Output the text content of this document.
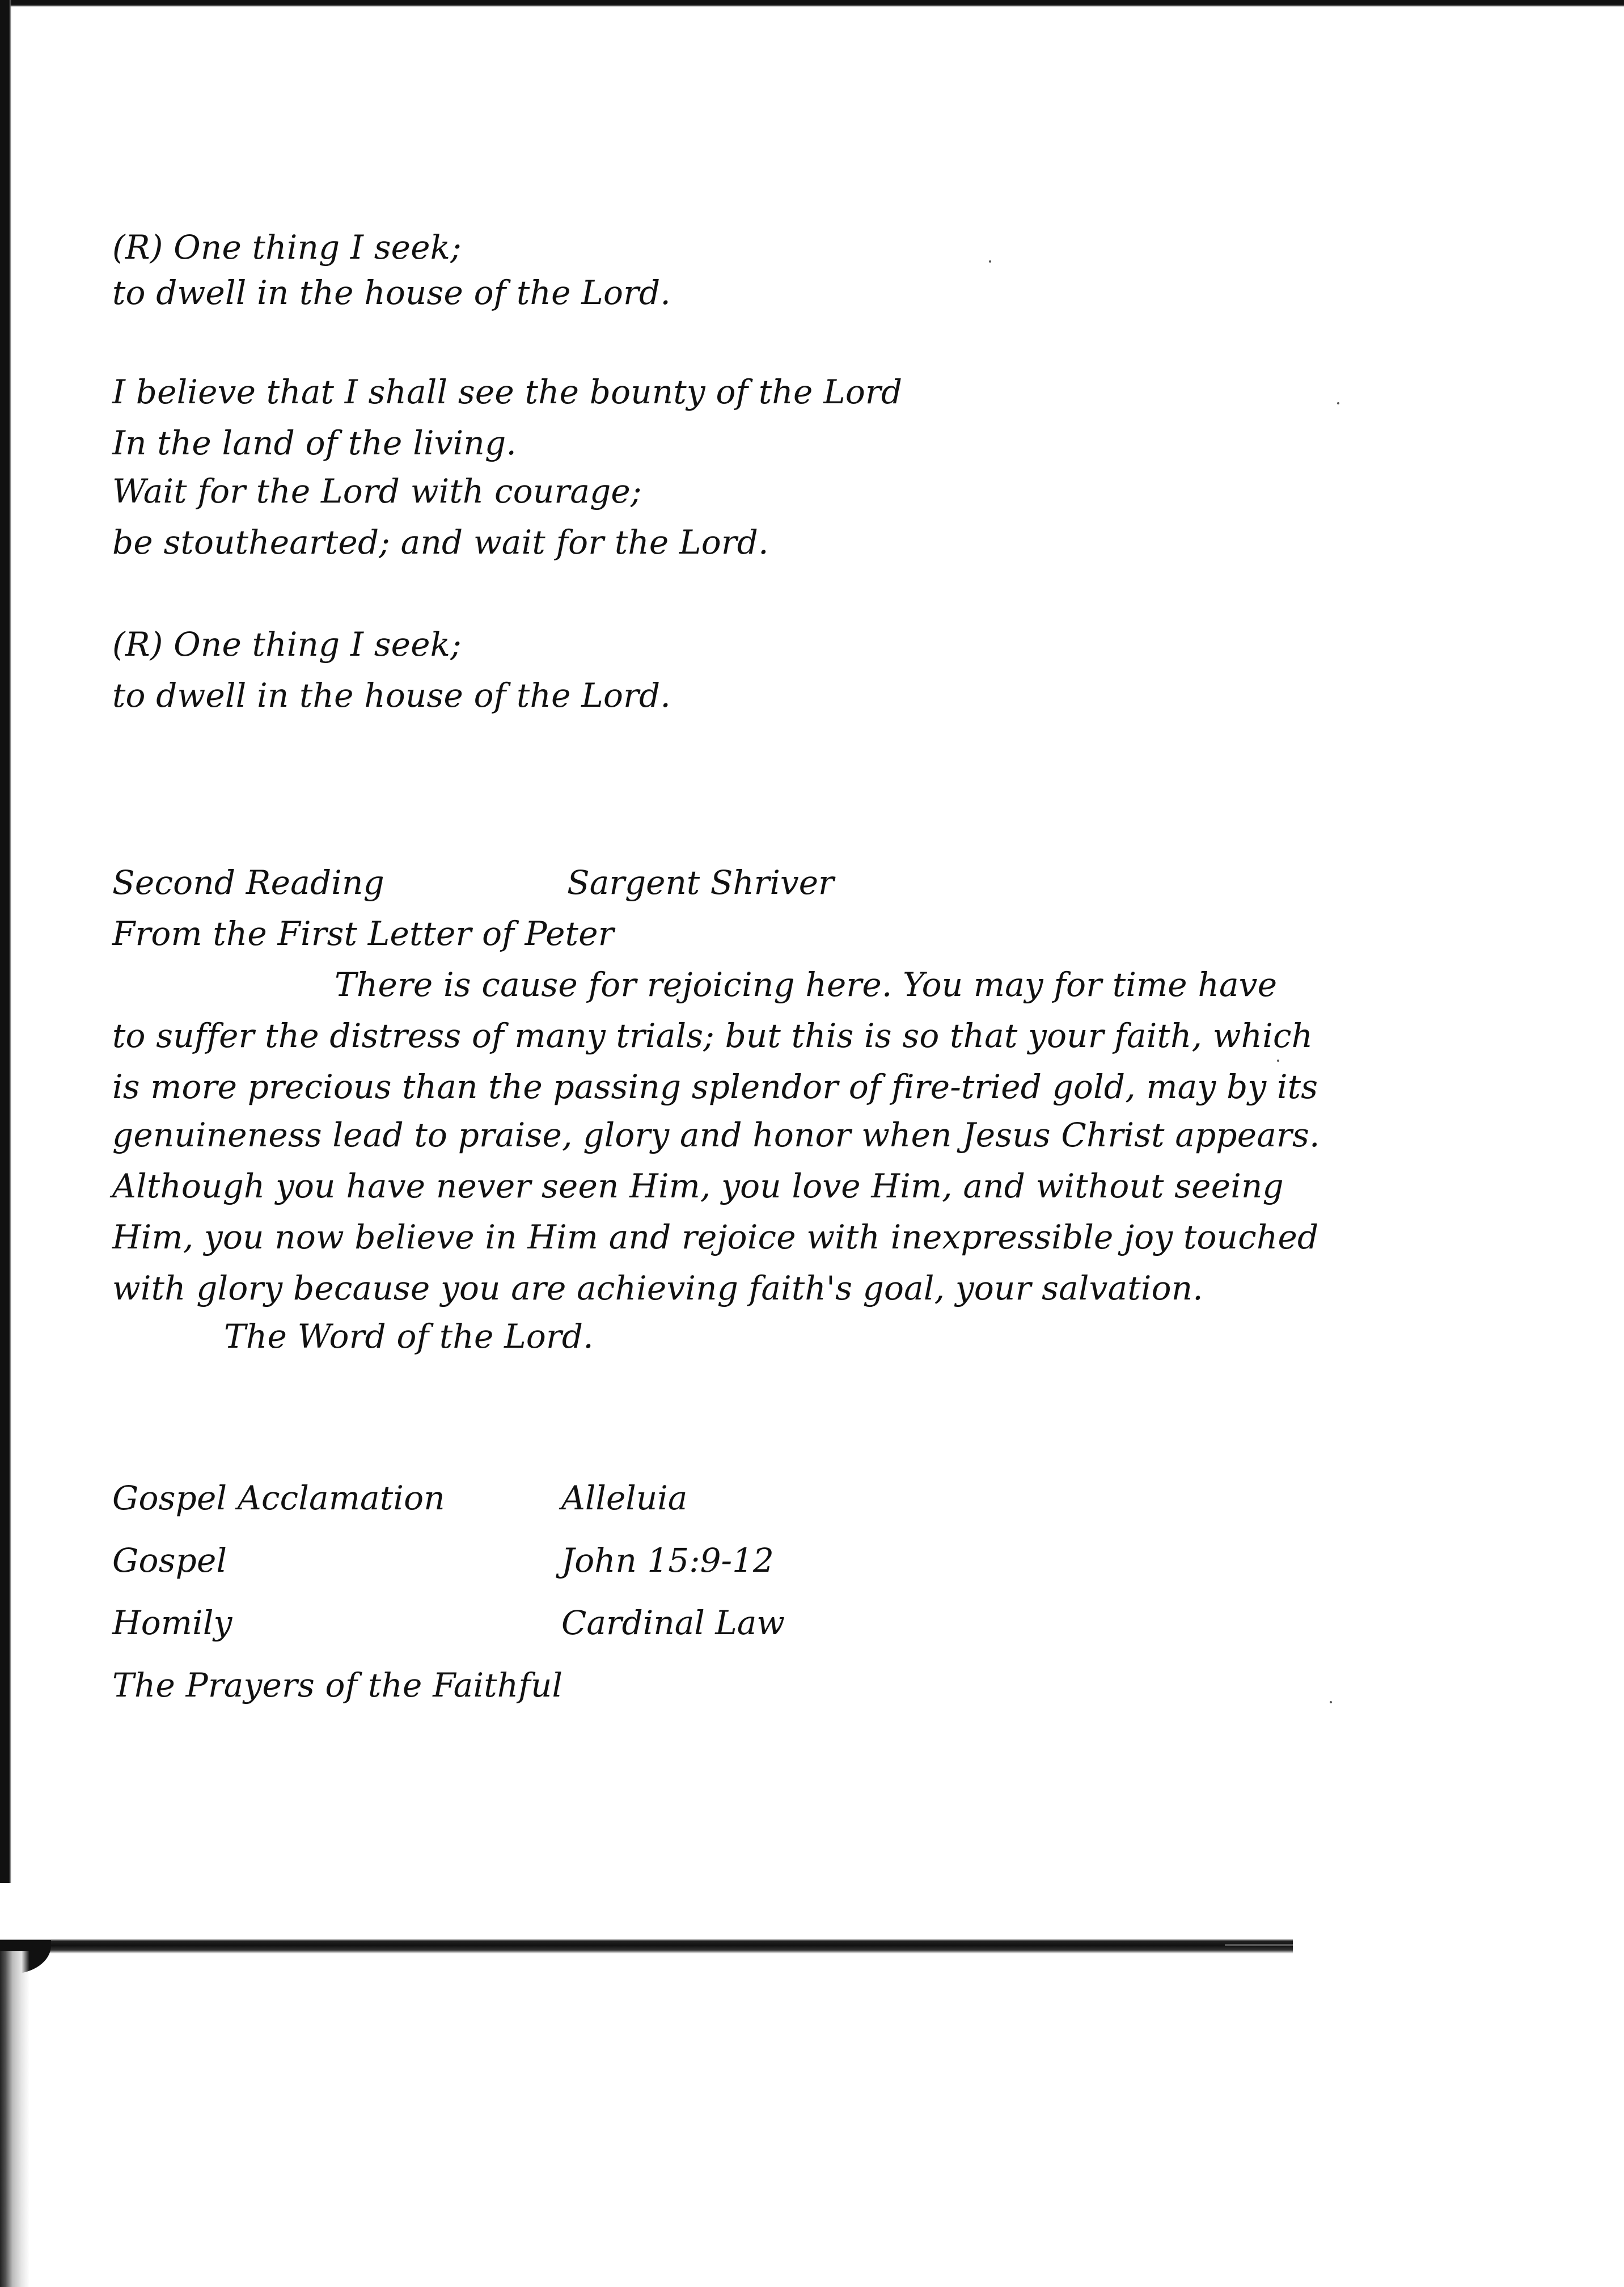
(R) One thing I seek;
to dwell in the house of the Lord.
I believe that I shall see the bounty of the Lord
In the land of the living.
Wait for the Lord with courage;
be stouthearted; and wait for the Lord.
(R) One thing I seek;
to dwell in the house of the Lord.
Second Reading	Sargent Shriver
From the First Letter of Peter
There is cause for rejoicing here. You may for time have
to suffer the distress of many trials; but this is so that your faith, which
is more precious than the passing splendor of fire-tried gold, may by its
genuineness lead to praise, glory and honor when Jesus Christ appears.
Although you have never seen Him, you love Him, and without seeing
Him, you now believe in Him and rejoice with inexpressible joy touched
with glory because you are achieving faith's goal, your salvation.
The Word of the Lord.
Gospel Acclamation	Alleluia
Gospel	John 15:9-12
Homily	Cardinal Law
The Prayers of the Faithful
